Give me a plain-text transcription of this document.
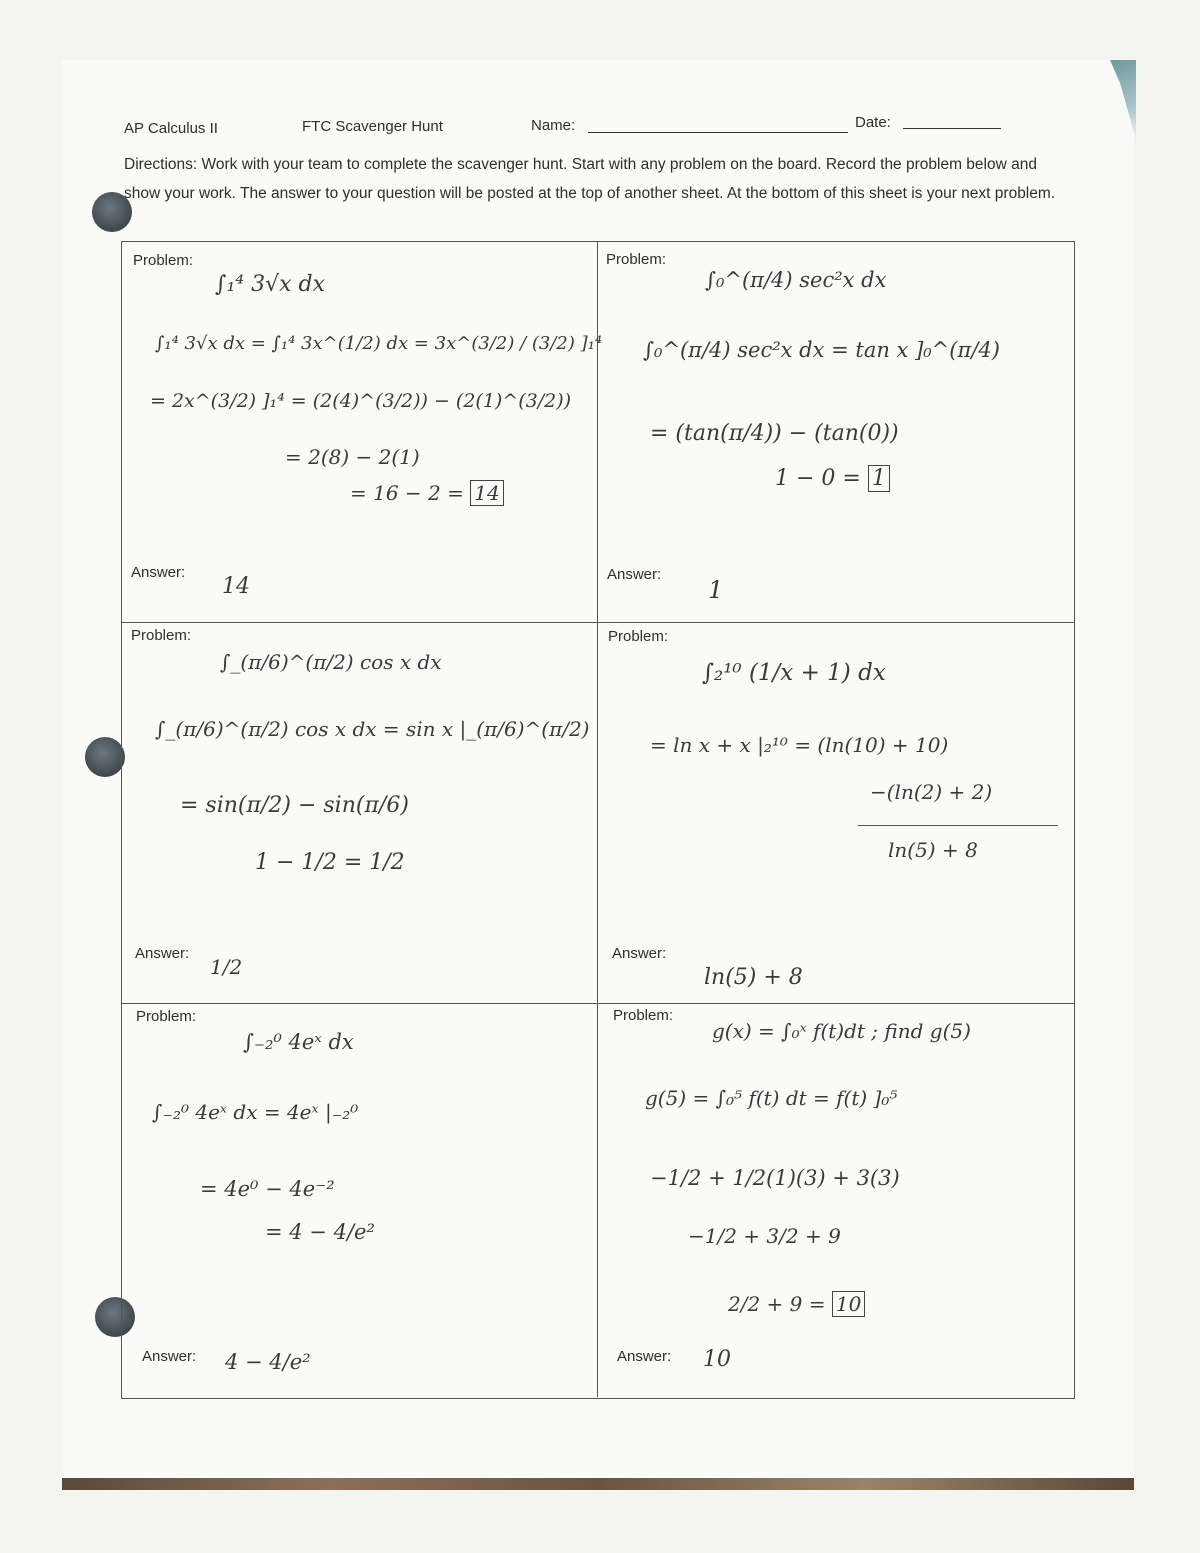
AP Calculus II	FTC Scavenger Hunt	Name:	Date:
Directions: Work with your team to complete the scavenger hunt. Start with any problem on the board. Record the problem below and show your work. The answer to your question will be posted at the top of another sheet. At the bottom of this sheet is your next problem.
Problem:
∫₁⁴ 3√x dx
∫₁⁴ 3√x dx = ∫₁⁴ 3x^(1/2) dx = 3x^(3/2) / (3/2) ]₁⁴
= 2x^(3/2) ]₁⁴ = (2(4)^(3/2)) − (2(1)^(3/2))
= 2(8) − 2(1)
= 16 − 2 = 14
Answer:
14
Problem:
∫₀^(π/4) sec²x dx
∫₀^(π/4) sec²x dx = tan x ]₀^(π/4)
= (tan(π/4)) − (tan(0))
1 − 0 = 1
Answer:
1
Problem:
∫_(π/6)^(π/2) cos x dx
∫_(π/6)^(π/2) cos x dx = sin x |_(π/6)^(π/2)
= sin(π/2) − sin(π/6)
1 − 1/2 = 1/2
Answer:
1/2
Problem:
∫₂¹⁰ (1/x + 1) dx
= ln x + x |₂¹⁰ = (ln(10) + 10)
−(ln(2) + 2)
ln(5) + 8
Answer:
ln(5) + 8
Problem:
∫₋₂⁰ 4eˣ dx
∫₋₂⁰ 4eˣ dx = 4eˣ |₋₂⁰
= 4e⁰ − 4e⁻²
= 4 − 4/e²
Answer: 4 − 4/e²
Problem:
g(x) = ∫₀ˣ f(t)dt ; find g(5)
g(5) = ∫₀⁵ f(t) dt = f(t) ]₀⁵
−1/2 + 1/2(1)(3) + 3(3)
−1/2 + 3/2 + 9
2/2 + 9 = 10
Answer: 10
